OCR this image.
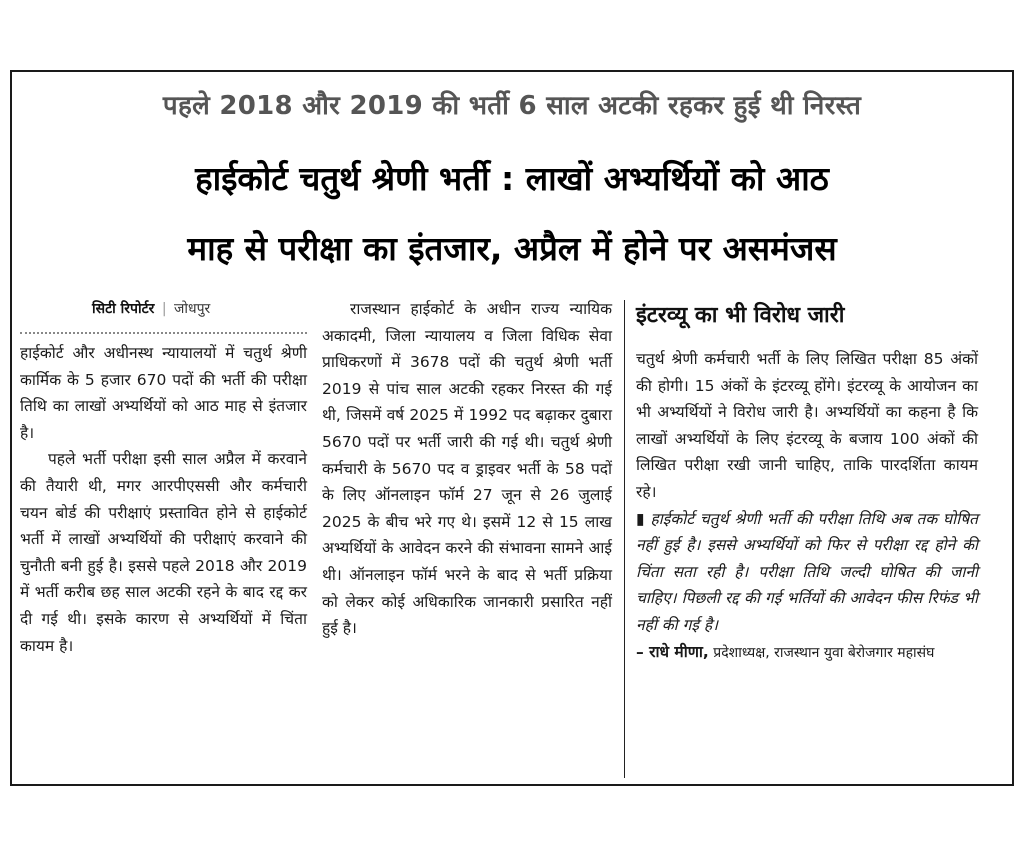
पहले 2018 और 2019 की भर्ती 6 साल अटकी रहकर हुई थी निरस्त
हाईकोर्ट चतुर्थ श्रेणी भर्ती : लाखों अभ्यर्थियों को आठ
माह से परीक्षा का इंतजार, अप्रैल में होने पर असमंजस
सिटी रिपोर्टर | जोधपुर

हाईकोर्ट और अधीनस्थ न्यायालयों में चतुर्थ श्रेणी कार्मिक के 5 हजार 670 पदों की भर्ती की परीक्षा तिथि का लाखों अभ्यर्थियों को आठ माह से इंतजार है।

पहले भर्ती परीक्षा इसी साल अप्रैल में करवाने की तैयारी थी, मगर आरपीएससी और कर्मचारी चयन बोर्ड की परीक्षाएं प्रस्तावित होने से हाईकोर्ट भर्ती में लाखों अभ्यर्थियों की परीक्षाएं करवाने की चुनौती बनी हुई है। इससे पहले 2018 और 2019 में भर्ती करीब छह साल अटकी रहने के बाद रद्द कर दी गई थी। इसके कारण से अभ्यर्थियों में चिंता कायम है।

राजस्थान हाईकोर्ट के अधीन राज्य न्यायिक अकादमी, जिला न्यायालय व जिला विधिक सेवा प्राधिकरणों में 3678 पदों की चतुर्थ श्रेणी भर्ती 2019 से पांच साल अटकी रहकर निरस्त की गई थी, जिसमें वर्ष 2025 में 1992 पद बढ़ाकर दुबारा 5670 पदों पर भर्ती जारी की गई थी। चतुर्थ श्रेणी कर्मचारी के 5670 पद व ड्राइवर भर्ती के 58 पदों के लिए ऑनलाइन फॉर्म 27 जून से 26 जुलाई 2025 के बीच भरे गए थे। इसमें 12 से 15 लाख अभ्यर्थियों के आवेदन करने की संभावना सामने आई थी। ऑनलाइन फॉर्म भरने के बाद से भर्ती प्रक्रिया को लेकर कोई अधिकारिक जानकारी प्रसारित नहीं हुई है।

इंटरव्यू का भी विरोध जारी

चतुर्थ श्रेणी कर्मचारी भर्ती के लिए लिखित परीक्षा 85 अंकों की होगी। 15 अंकों के इंटरव्यू होंगे। इंटरव्यू के आयोजन का भी अभ्यर्थियों ने विरोध जारी है। अभ्यर्थियों का कहना है कि लाखों अभ्यर्थियों के लिए इंटरव्यू के बजाय 100 अंकों की लिखित परीक्षा रखी जानी चाहिए, ताकि पारदर्शिता कायम रहे।

▮ हाईकोर्ट चतुर्थ श्रेणी भर्ती की परीक्षा तिथि अब तक घोषित नहीं हुई है। इससे अभ्यर्थियों को फिर से परीक्षा रद्द होने की चिंता सता रही है। परीक्षा तिथि जल्दी घोषित की जानी चाहिए। पिछली रद्द की गई भर्तियों की आवेदन फीस रिफंड भी नहीं की गई है।

– राधे मीणा, प्रदेशाध्यक्ष, राजस्थान युवा बेरोजगार महासंघ
